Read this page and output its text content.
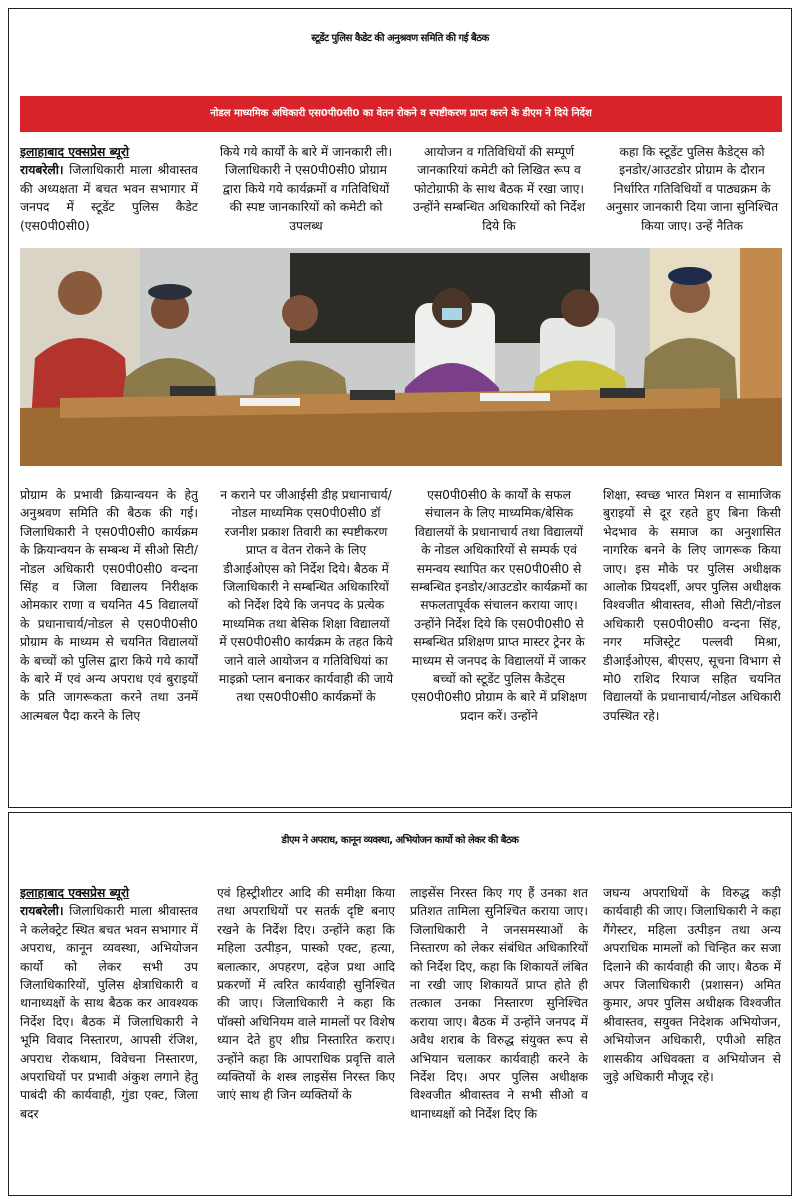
स्टूडेंट पुलिस कैडेट की अनुश्रवण समिति की गई बैठक
नोडल माध्यमिक अधिकारी एस0पी0सी0 का वेतन रोकने व स्पष्टीकरण प्राप्त करने के डीएम ने दिये निर्देश
इलाहाबाद एक्सप्रेस ब्यूरो
रायबरेली। जिलाधिकारी माला श्रीवास्तव की अध्यक्षता में बचत भवन सभागार में जनपद में स्टूडेंट पुलिस कैडेट (एस0पी0सी0)
किये गये कार्यों के बारे में जानकारी ली। जिलाधिकारी ने एस0पी0सी0 प्रोग्राम द्वारा किये गये कार्यक्रमों व गतिविधियों की स्पष्ट जानकारियों को कमेटी को उपलब्ध
आयोजन व गतिविधियों की सम्पूर्ण जानकारियां कमेटी को लिखित रूप व फोटोग्राफी के साथ बैठक में रखा जाए। उन्होंने सम्बन्धित अधिकारियों को निर्देश दिये कि
कहा कि स्टूडेंट पुलिस कैडेट्स को इनडोर/आउटडोर प्रोग्राम के दौरान निर्धारित गतिविधियों व पाठ्यक्रम के अनुसार जानकारी दिया जाना सुनिश्चित किया जाए। उन्हें नैतिक
प्रोग्राम के प्रभावी क्रियान्वयन के हेतु अनुश्रवण समिति की बैठक की गई। जिलाधिकारी ने एस0पी0सी0 कार्यक्रम के क्रियान्वयन के सम्बन्ध में सीओ सिटी/नोडल अधिकारी एस0पी0सी0 वन्दना सिंह व जिला विद्यालय निरीक्षक ओमकार राणा व चयनित 45 विद्यालयों के प्रधानाचार्य/नोडल से एस0पी0सी0 प्रोग्राम के माध्यम से चयनित विद्यालयों के बच्चों को पुलिस द्वारा किये गये कार्यों के बारे में एवं अन्य अपराध एवं बुराइयों के प्रति जागरूकता करने तथा उनमें आत्मबल पैदा करने के लिए
न कराने पर जीआईसी डीह प्रधानाचार्य/नोडल माध्यमिक एस0पी0सी0 डॉ रजनीश प्रकाश तिवारी का स्पष्टीकरण प्राप्त व वेतन रोकने के लिए डीआईओएस को निर्देश दिये। बैठक में जिलाधिकारी ने सम्बन्धित अधिकारियों को निर्देश दिये कि जनपद के प्रत्येक माध्यमिक तथा बेसिक शिक्षा विद्यालयों में एस0पी0सी0 कार्यक्रम के तहत किये जाने वाले आयोजन व गतिविधियां का माइक्रो प्लान बनाकर कार्यवाही की जाये तथा एस0पी0सी0 कार्यक्रमों के
एस0पी0सी0 के कार्यों के सफल संचालन के लिए माध्यमिक/बेसिक विद्यालयों के प्रधानाचार्य तथा विद्यालयों के नोडल अधिकारियों से सम्पर्क एवं समन्वय स्थापित कर एस0पी0सी0 से सम्बन्धित इनडोर/आउटडोर कार्यक्रमों का सफलतापूर्वक संचालन कराया जाए। उन्होंने निर्देश दिये कि एस0पी0सी0 से सम्बन्धित प्रशिक्षण प्राप्त मास्टर ट्रेनर के माध्यम से जनपद के विद्यालयों में जाकर बच्चों को स्टूडेंट पुलिस कैडेट्स एस0पी0सी0 प्रोग्राम के बारे में प्रशिक्षण प्रदान करें। उन्होंने
शिक्षा, स्वच्छ भारत मिशन व सामाजिक बुराइयों से दूर रहते हुए बिना किसी भेदभाव के समाज का अनुशासित नागरिक बनने के लिए जागरूक किया जाए। इस मौके पर पुलिस अधीक्षक आलोक प्रियदर्शी, अपर पुलिस अधीक्षक विश्वजीत श्रीवास्तव, सीओ सिटी/नोडल अधिकारी एस0पी0सी0 वन्दना सिंह, नगर मजिस्ट्रेट पल्लवी मिश्रा, डीआईओएस, बीएसए, सूचना विभाग से मो0 राशिद रियाज सहित चयनित विद्यालयों के प्रधानाचार्य/नोडल अधिकारी उपस्थित रहे।
डीएम ने अपराध, कानून व्यवस्था, अभियोजन कार्यो को लेकर की बैठक
इलाहाबाद एक्सप्रेस ब्यूरो
रायबरेली। जिलाधिकारी माला श्रीवास्तव ने कलेक्ट्रेट स्थित बचत भवन सभागार में अपराध, कानून व्यवस्था, अभियोजन कार्यो को लेकर सभी उप जिलाधिकारियों, पुलिस क्षेत्राधिकारी व थानाध्यक्षों के साथ बैठक कर आवश्यक निर्देश दिए। बैठक में जिलाधिकारी ने भूमि विवाद निस्तारण, आपसी रंजिश, अपराध रोकथाम, विवेचना निस्तारण, अपराधियों पर प्रभावी अंकुश लगाने हेतु पाबंदी की कार्यवाही, गुंडा एक्ट, जिला बदर
एवं हिस्ट्रीशीटर आदि की समीक्षा किया तथा अपराधियों पर सतर्क दृष्टि बनाए रखने के निर्देश दिए। उन्होंने कहा कि महिला उत्पीड़न, पास्को एक्ट, हत्या, बलात्कार, अपहरण, दहेज प्रथा आदि प्रकरणों में त्वरित कार्यवाही सुनिश्चित की जाए। जिलाधिकारी ने कहा कि पॉक्सो अधिनियम वाले मामलों पर विशेष ध्यान देते हुए शीघ्र निस्तारित कराए। उन्होंने कहा कि आपराधिक प्रवृत्ति वाले व्यक्तियों के शस्त्र लाइसेंस निरस्त किए जाएं साथ ही जिन व्यक्तियों के
लाइसेंस निरस्त किए गए हैं उनका शत प्रतिशत तामिला सुनिश्चित कराया जाए। जिलाधिकारी ने जनसमस्याओं के निस्तारण को लेकर संबंधित अधिकारियों को निर्देश दिए, कहा कि शिकायतें लंबित ना रखी जाए शिकायतें प्राप्त होते ही तत्काल उनका निस्तारण सुनिश्चित कराया जाए। बैठक में उन्होंने जनपद में अवैध शराब के विरुद्ध संयुक्त रूप से अभियान चलाकर कार्यवाही करने के निर्देश दिए। अपर पुलिस अधीक्षक विश्वजीत श्रीवास्तव ने सभी सीओ व थानाध्यक्षों को निर्देश दिए कि
जघन्य अपराधियों के विरुद्ध कड़ी कार्यवाही की जाए। जिलाधिकारी ने कहा गैंगेस्टर, महिला उत्पीड़न तथा अन्य अपराधिक मामलों को चिन्हित कर सजा दिलाने की कार्यवाही की जाए। बैठक में अपर जिलाधिकारी (प्रशासन) अमित कुमार, अपर पुलिस अधीक्षक विश्वजीत श्रीवास्तव, सयुक्त निदेशक अभियोजन, अभियोजन अधिकारी, एपीओ सहित शासकीय अधिवक्ता व अभियोजन से जुड़े अधिकारी मौजूद रहे।
